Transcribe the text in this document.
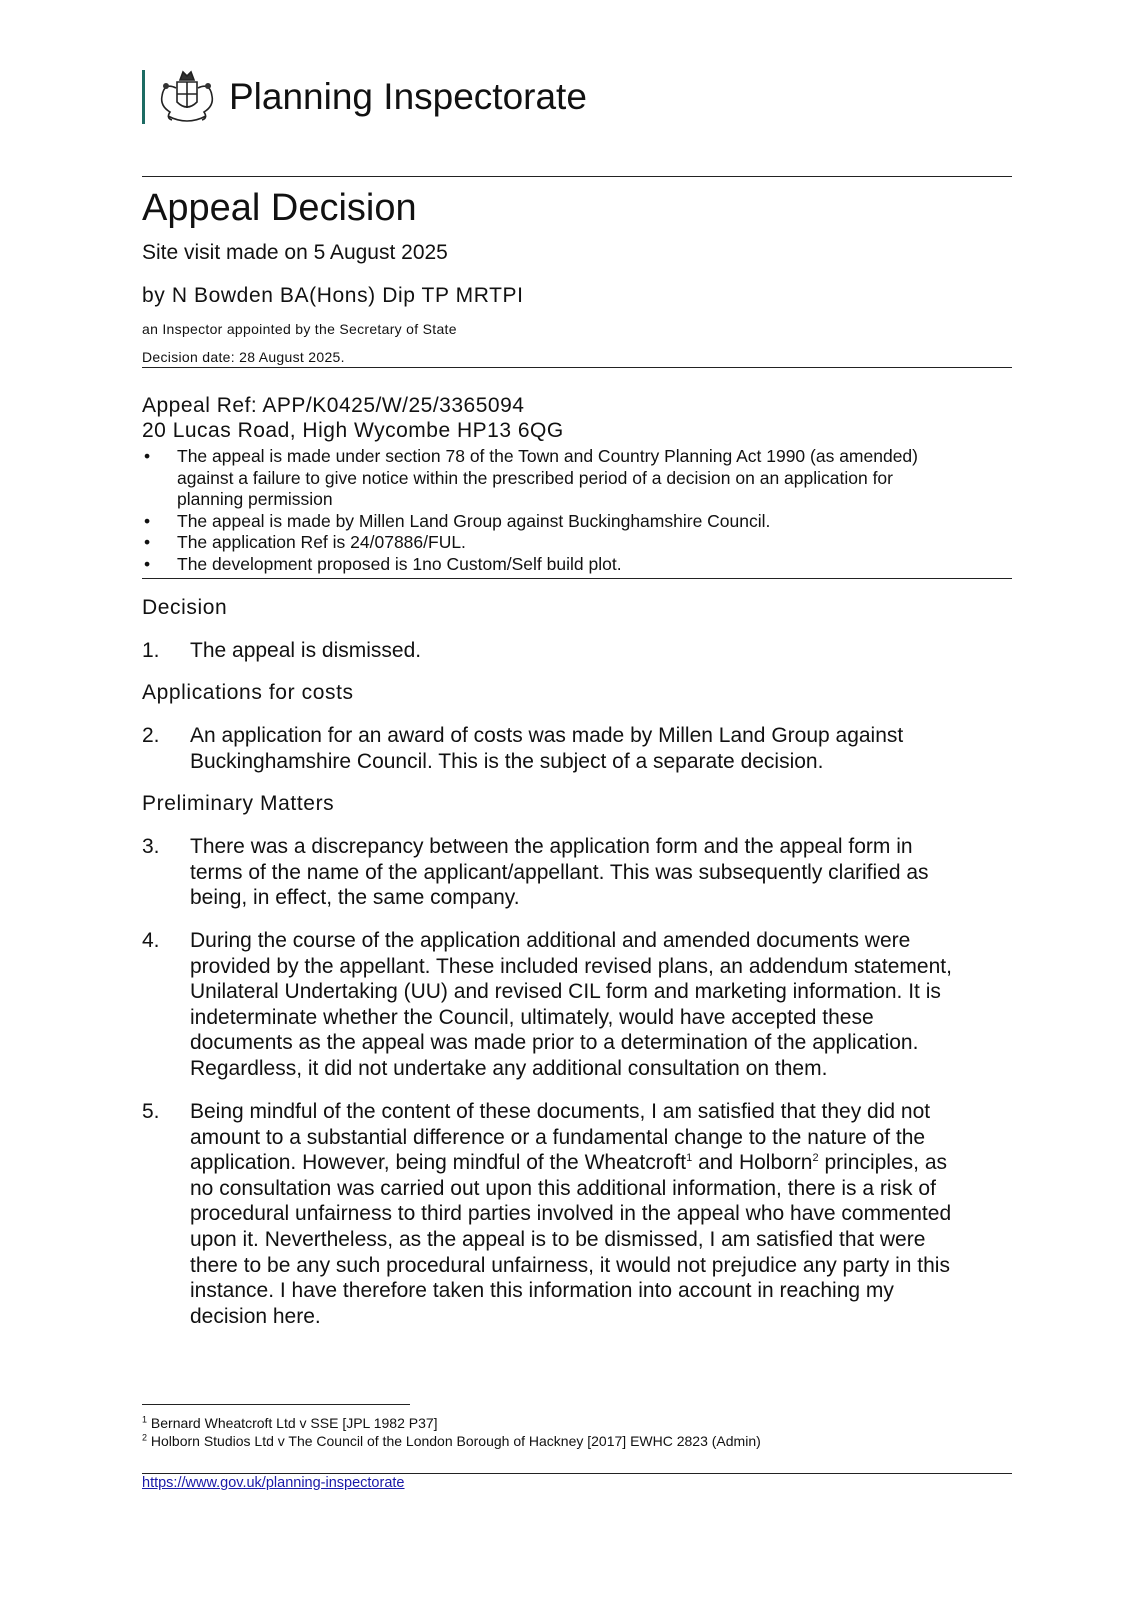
Planning Inspectorate
Appeal Decision
Site visit made on 5 August 2025
by N Bowden BA(Hons) Dip TP MRTPI
an Inspector appointed by the Secretary of State
Decision date: 28 August 2025.
Appeal Ref: APP/K0425/W/25/3365094
20 Lucas Road, High Wycombe HP13 6QG
•	The appeal is made under section 78 of the Town and Country Planning Act 1990 (as amended)
against a failure to give notice within the prescribed period of a decision on an application for
planning permission
•	The appeal is made by Millen Land Group against Buckinghamshire Council.
•	The application Ref is 24/07886/FUL.
•	The development proposed is 1no Custom/Self build plot.
Decision
1.	The appeal is dismissed.
Applications for costs
2.	An application for an award of costs was made by Millen Land Group against
Buckinghamshire Council. This is the subject of a separate decision.
Preliminary Matters
3.	There was a discrepancy between the application form and the appeal form in
terms of the name of the applicant/appellant. This was subsequently clarified as
being, in effect, the same company.
4.	During the course of the application additional and amended documents were
provided by the appellant. These included revised plans, an addendum statement,
Unilateral Undertaking (UU) and revised CIL form and marketing information. It is
indeterminate whether the Council, ultimately, would have accepted these
documents as the appeal was made prior to a determination of the application.
Regardless, it did not undertake any additional consultation on them.
5.	Being mindful of the content of these documents, I am satisfied that they did not
amount to a substantial difference or a fundamental change to the nature of the
application. However, being mindful of the Wheatcroft$^1$ and Holborn$^2$ principles, as
no consultation was carried out upon this additional information, there is a risk of
procedural unfairness to third parties involved in the appeal who have commented
upon it. Nevertheless, as the appeal is to be dismissed, I am satisfied that were
there to be any such procedural unfairness, it would not prejudice any party in this
instance. I have therefore taken this information into account in reaching my
decision here.
$^1$ Bernard Wheatcroft Ltd v SSE [JPL 1982 P37]
$^2$ Holborn Studios Ltd v The Council of the London Borough of Hackney [2017] EWHC 2823 (Admin)
https://www.gov.uk/planning-inspectorate
